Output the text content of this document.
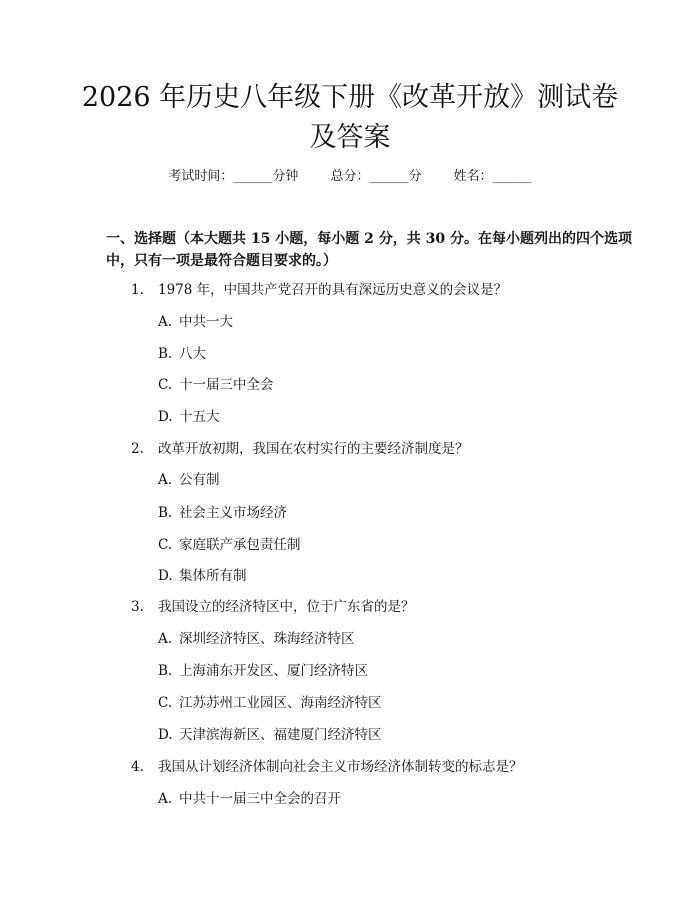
2026 年历史八年级下册《改革开放》测试卷
及答案
考试时间：______分钟 总分：______分 姓名：______
一、选择题（本大题共 15 小题，每小题 2 分，共 30 分。在每小题列出的四个选项中，只有一项是最符合题目要求的。）
1. 1978 年，中国共产党召开的具有深远历史意义的会议是？
A. 中共一大
B. 八大
C. 十一届三中全会
D. 十五大
2. 改革开放初期，我国在农村实行的主要经济制度是？
A. 公有制
B. 社会主义市场经济
C. 家庭联产承包责任制
D. 集体所有制
3. 我国设立的经济特区中，位于广东省的是？
A. 深圳经济特区、珠海经济特区
B. 上海浦东开发区、厦门经济特区
C. 江苏苏州工业园区、海南经济特区
D. 天津滨海新区、福建厦门经济特区
4. 我国从计划经济体制向社会主义市场经济体制转变的标志是？
A. 中共十一届三中全会的召开
